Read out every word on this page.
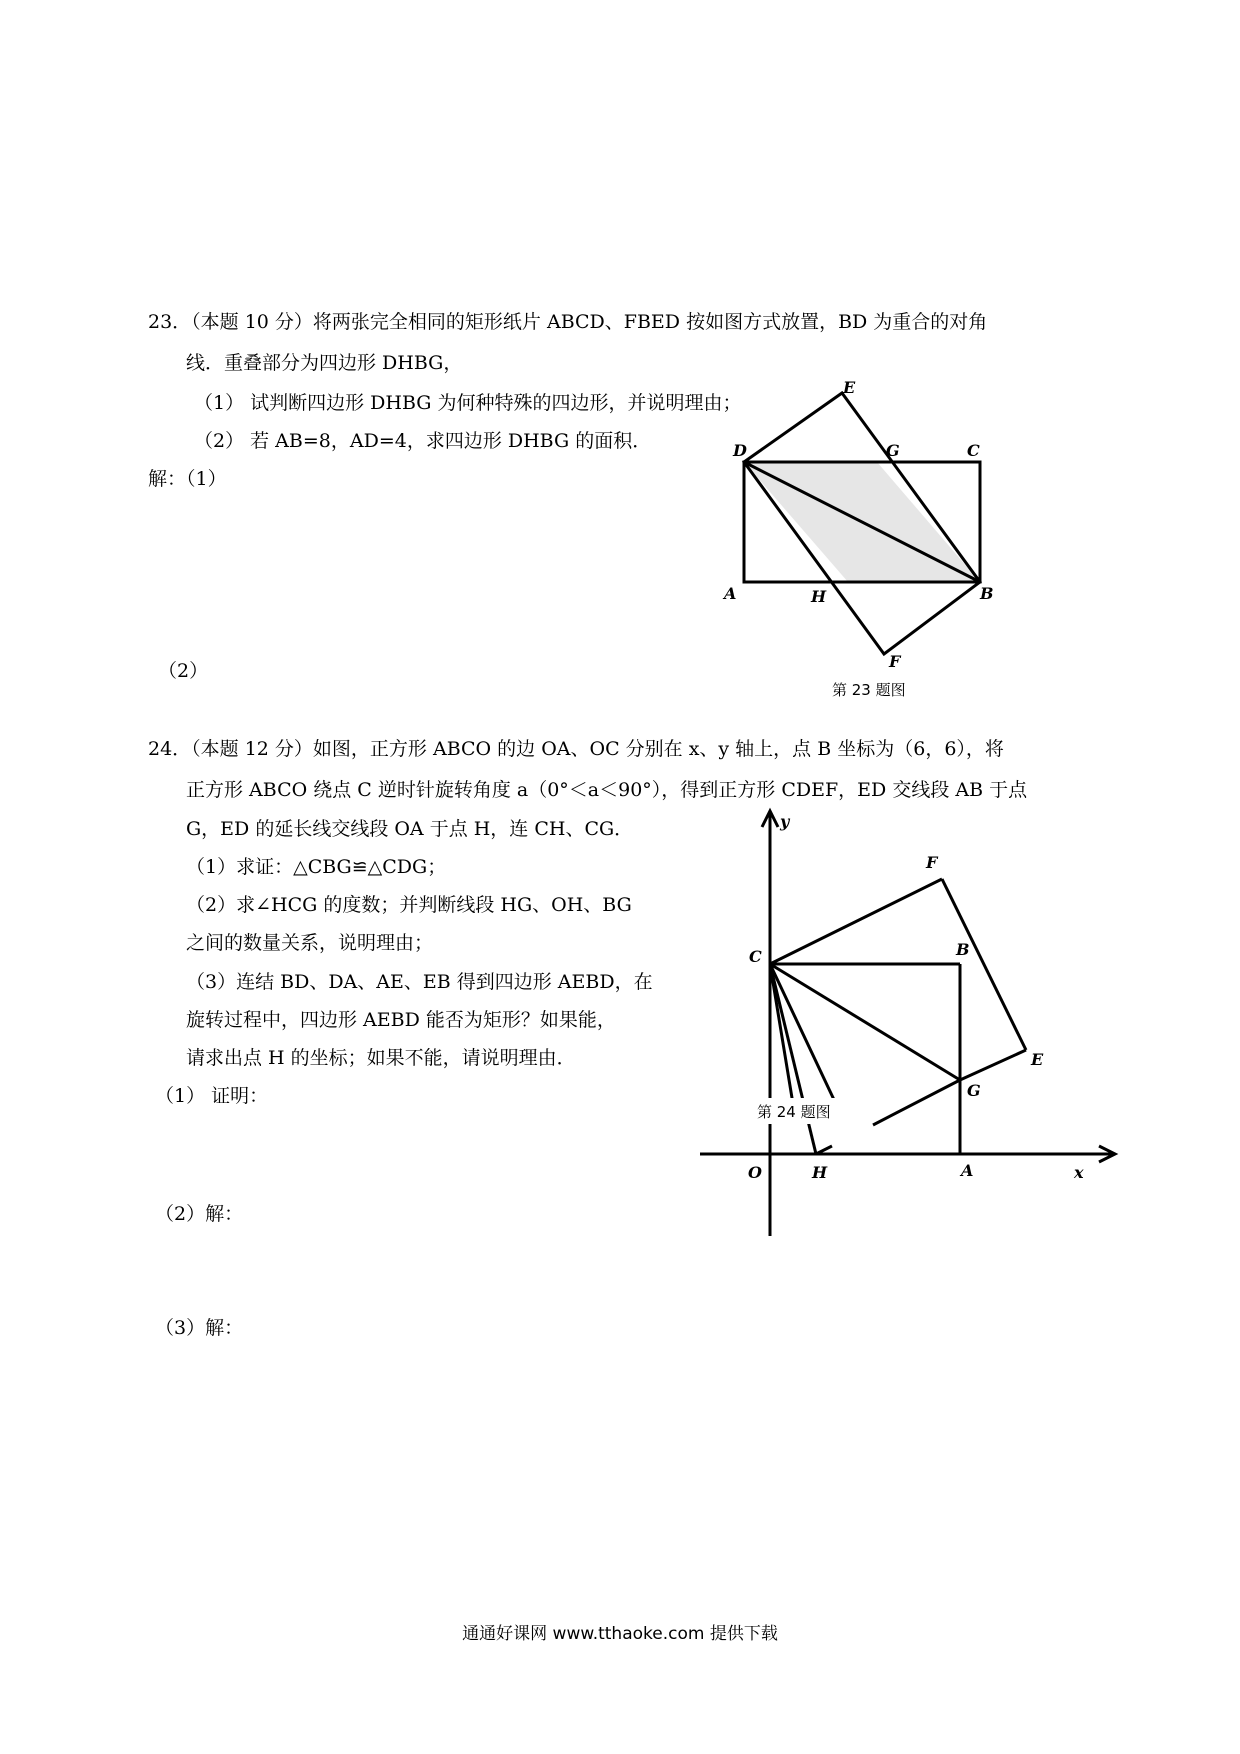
23．（本题 10 分）将两张完全相同的矩形纸片 ABCD、FBED 按如图方式放置，BD 为重合的对角
线．重叠部分为四边形 DHBG，
（1） 试判断四边形 DHBG 为何种特殊的四边形，并说明理由；
（2） 若 AB=8，AD=4，求四边形 DHBG 的面积．
解：（1）
（2）
E
D	G	C
A	H	B
F
第 23 题图
24．（本题 12 分）如图，正方形 ABCO 的边 OA、OC 分别在 x、y 轴上，点 B 坐标为（6，6），将
正方形 ABCO 绕点 C 逆时针旋转角度 a（0°＜a＜90°），得到正方形 CDEF，ED 交线段 AB 于点
G，ED 的延长线交线段 OA 于点 H，连 CH、CG．
（1）求证：△CBG≌△CDG；
（2）求∠HCG 的度数；并判断线段 HG、OH、BG
之间的数量关系，说明理由；
（3）连结 BD、DA、AE、EB 得到四边形 AEBD，在
旋转过程中，四边形 AEBD 能否为矩形？如果能，
请求出点 H 的坐标；如果不能，请说明理由．
（1） 证明：
（2）解：
（3）解：
y
F
C	B
E
G
O	H	A	x
第 24 题图
通通好课网 www.tthaoke.com 提供下载
